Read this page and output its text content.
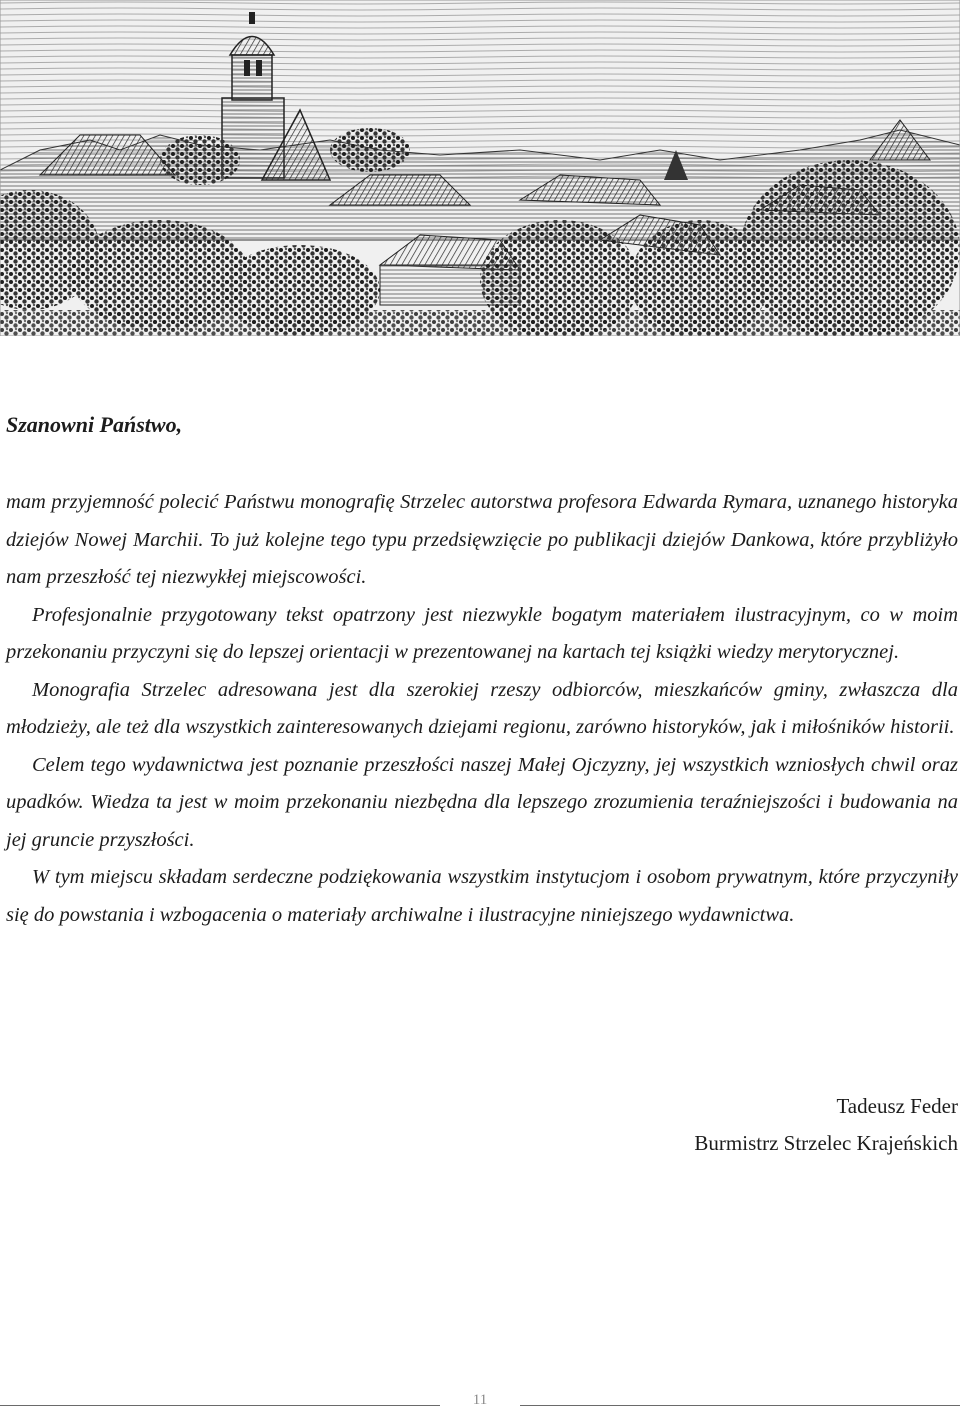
Szanowni Państwo,

mam przyjemność polecić Państwu monografię Strzelec autorstwa profesora Edwarda Rymara, uznanego historyka dziejów Nowej Marchii. To już kolejne tego typu przedsięwzięcie po publikacji dziejów Dankowa, które przybliżyło nam przeszłość tej niezwykłej miejscowości.

Profesjonalnie przygotowany tekst opatrzony jest niezwykle bogatym materiałem ilustracyjnym, co w moim przekonaniu przyczyni się do lepszej orientacji w prezentowanej na kartach tej książki wiedzy merytorycznej.

Monografia Strzelec adresowana jest dla szerokiej rzeszy odbiorców, mieszkańców gminy, zwłaszcza dla młodzieży, ale też dla wszystkich zainteresowanych dziejami regionu, zarówno historyków, jak i miłośników historii.

Celem tego wydawnictwa jest poznanie przeszłości naszej Małej Ojczyzny, jej wszystkich wzniosłych chwil oraz upadków. Wiedza ta jest w moim przekonaniu niezbędna dla lepszego zrozumienia teraźniejszości i budowania na jej gruncie przyszłości.

W tym miejscu składam serdeczne podziękowania wszystkim instytucjom i osobom prywatnym, które przyczyniły się do powstania i wzbogacenia o materiały archiwalne i ilustracyjne niniejszego wydawnictwa.

Tadeusz Feder
Burmistrz Strzelec Krajeńskich
11
